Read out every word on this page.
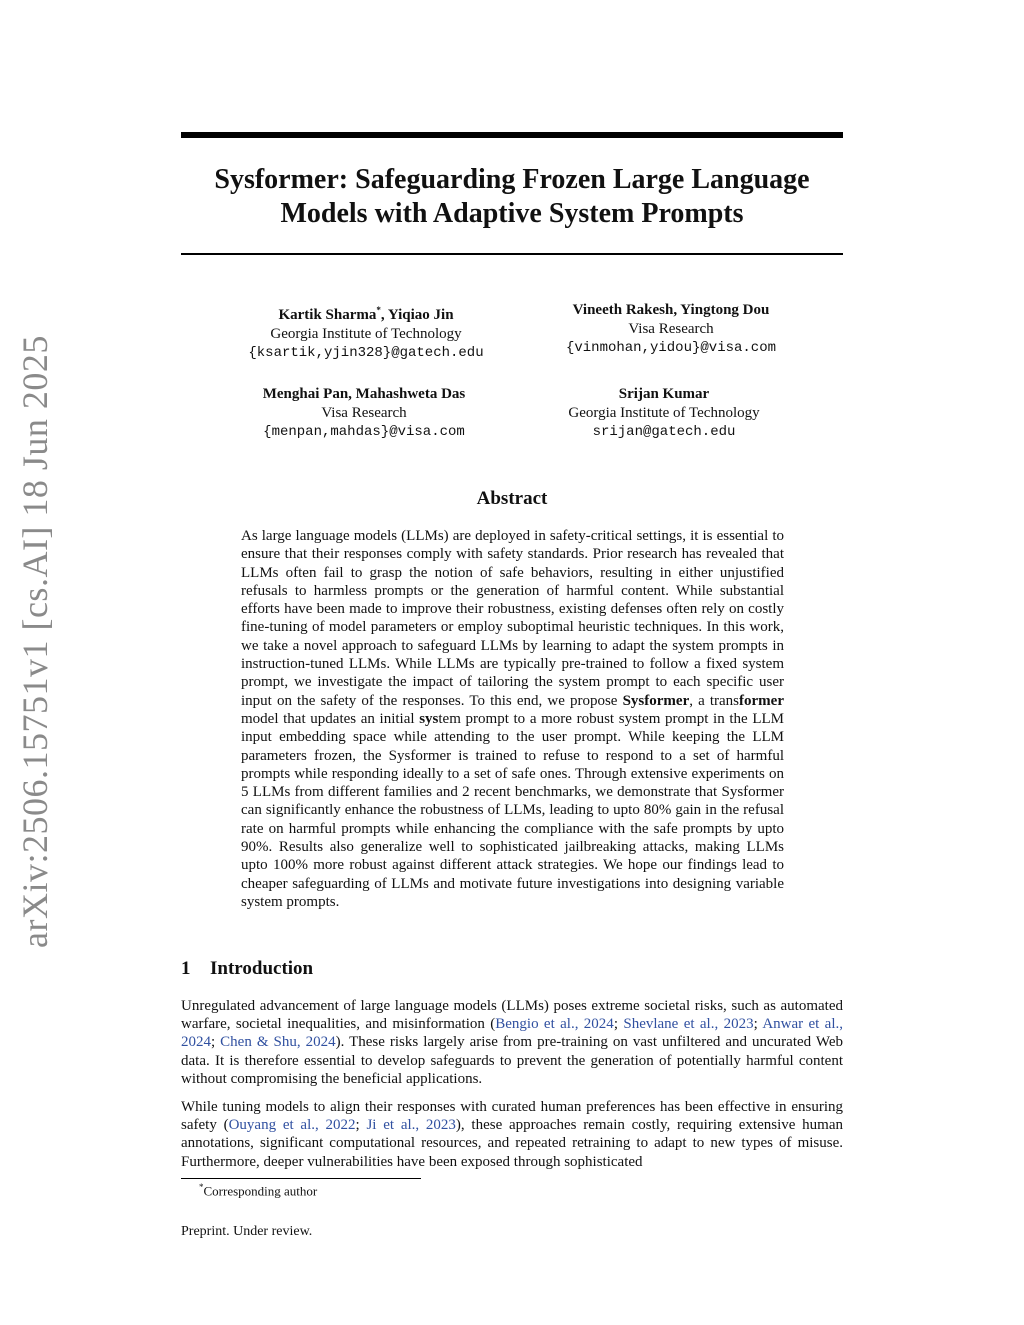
arXiv:2506.15751v1 [cs.AI] 18 Jun 2025
Sysformer: Safeguarding Frozen Large Language
Models with Adaptive System Prompts
Kartik Sharma*, Yiqiao Jin
Georgia Institute of Technology
{ksartik,yjin328}@gatech.edu
Vineeth Rakesh, Yingtong Dou
Visa Research
{vinmohan,yidou}@visa.com
Menghai Pan, Mahashweta Das
Visa Research
{menpan,mahdas}@visa.com
Srijan Kumar
Georgia Institute of Technology
srijan@gatech.edu
Abstract
As large language models (LLMs) are deployed in safety-critical settings, it is essential to ensure that their responses comply with safety standards. Prior research has revealed that LLMs often fail to grasp the notion of safe behaviors, resulting in either unjustified refusals to harmless prompts or the generation of harmful content. While substantial efforts have been made to improve their robustness, existing defenses often rely on costly fine-tuning of model parameters or employ suboptimal heuristic techniques. In this work, we take a novel approach to safeguard LLMs by learning to adapt the system prompts in instruction-tuned LLMs. While LLMs are typically pre-trained to follow a fixed system prompt, we investigate the impact of tailoring the system prompt to each specific user input on the safety of the responses. To this end, we propose Sysformer, a transformer model that updates an initial system prompt to a more robust system prompt in the LLM input embedding space while attending to the user prompt. While keeping the LLM parameters frozen, the Sysformer is trained to refuse to respond to a set of harmful prompts while responding ideally to a set of safe ones. Through extensive experiments on 5 LLMs from different families and 2 recent benchmarks, we demonstrate that Sysformer can significantly enhance the robustness of LLMs, leading to upto 80% gain in the refusal rate on harmful prompts while enhancing the compliance with the safe prompts by upto 90%. Results also generalize well to sophisticated jailbreaking attacks, making LLMs upto 100% more robust against different attack strategies. We hope our findings lead to cheaper safeguarding of LLMs and motivate future investigations into designing variable system prompts.
1 Introduction
Unregulated advancement of large language models (LLMs) poses extreme societal risks, such as automated warfare, societal inequalities, and misinformation (Bengio et al., 2024; Shevlane et al., 2023; Anwar et al., 2024; Chen & Shu, 2024). These risks largely arise from pre-training on vast unfiltered and uncurated Web data. It is therefore essential to develop safeguards to prevent the generation of potentially harmful content without compromising the beneficial applications.
While tuning models to align their responses with curated human preferences has been effective in ensuring safety (Ouyang et al., 2022; Ji et al., 2023), these approaches remain costly, requiring extensive human annotations, significant computational resources, and repeated retraining to adapt to new types of misuse. Furthermore, deeper vulnerabilities have been exposed through sophisticated
*Corresponding author
Preprint. Under review.
